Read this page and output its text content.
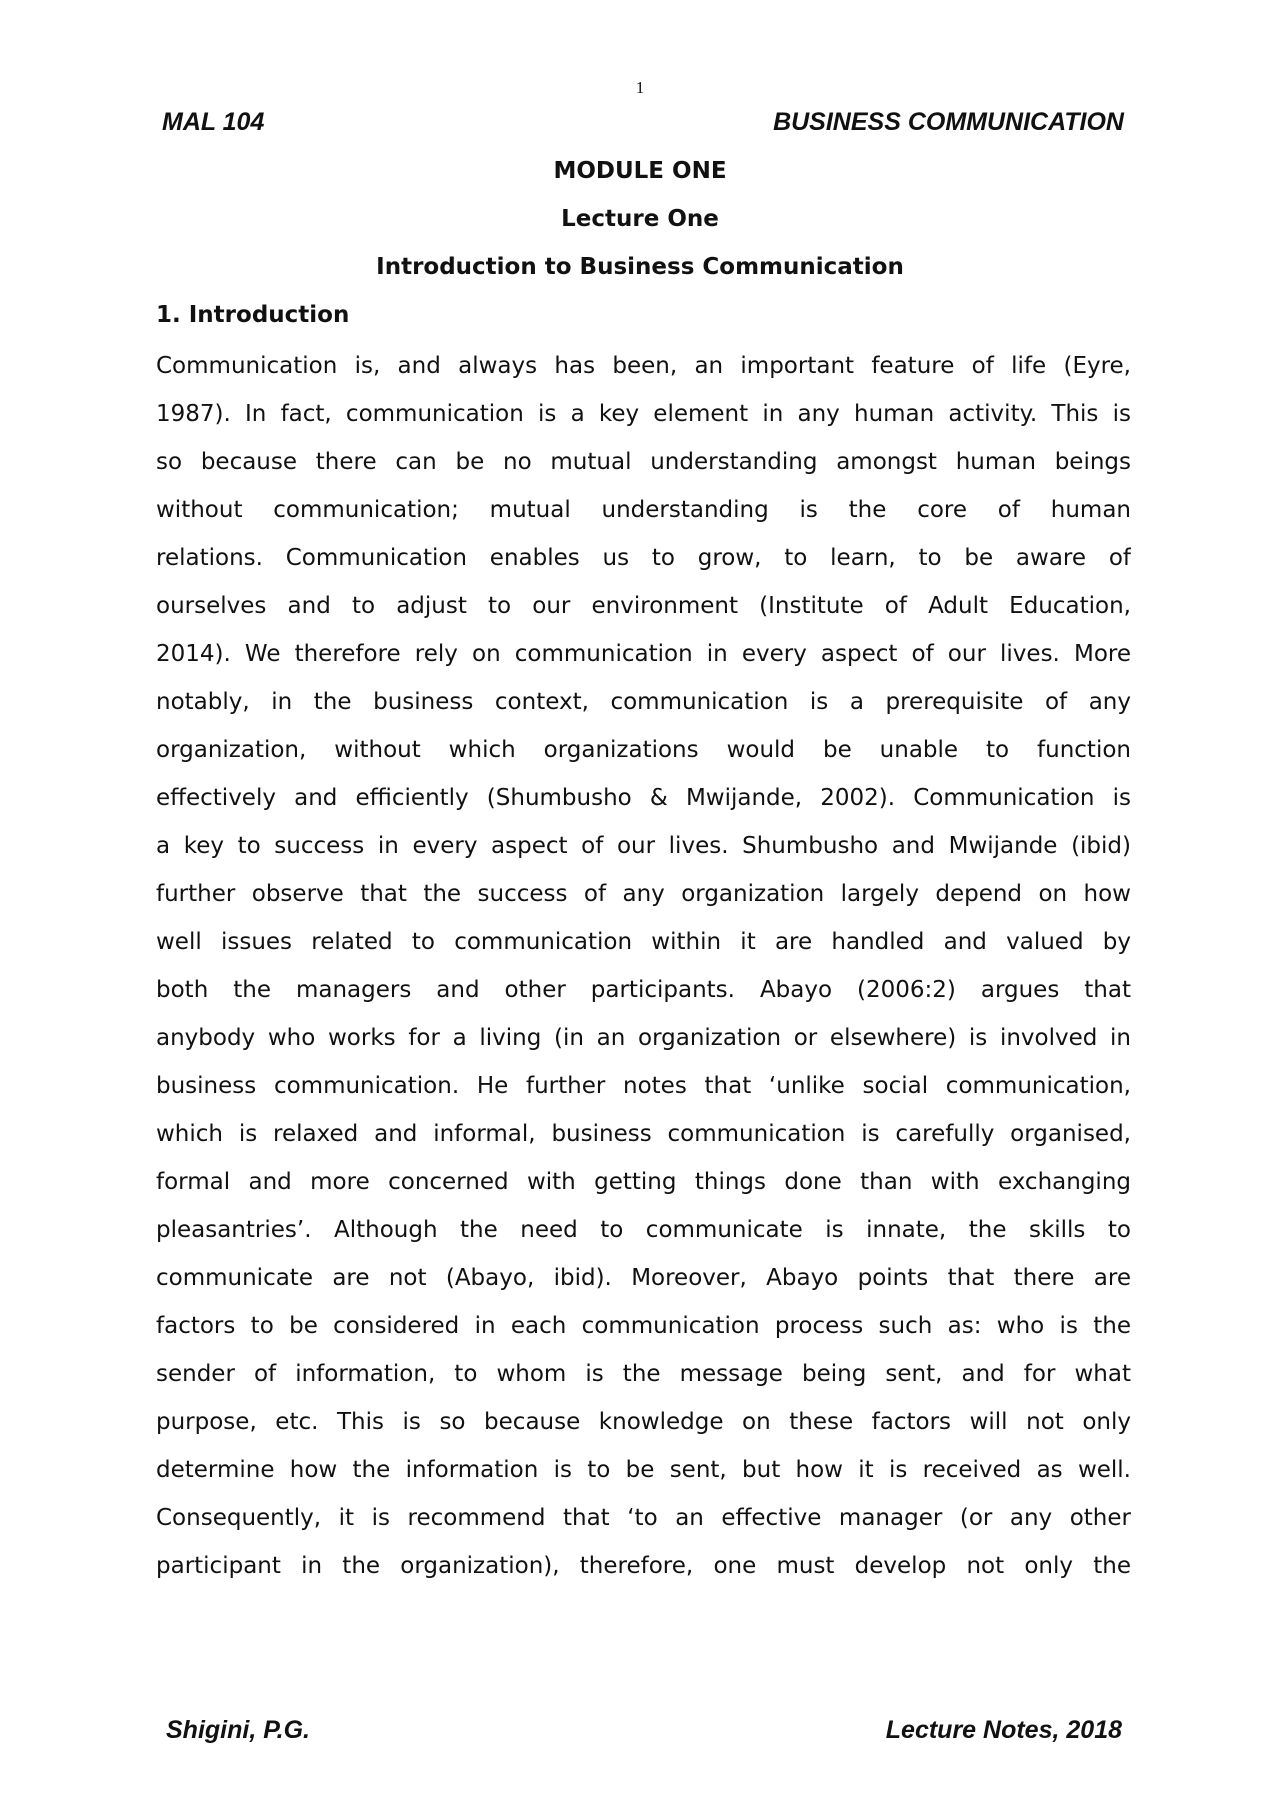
1
MAL 104	BUSINESS COMMUNICATION
MODULE ONE
Lecture One
Introduction to Business Communication
1. Introduction
Communication is, and always has been, an important feature of life (Eyre,
1987). In fact, communication is a key element in any human activity. This is
so because there can be no mutual understanding amongst human beings
without communication; mutual understanding is the core of human
relations. Communication enables us to grow, to learn, to be aware of
ourselves and to adjust to our environment (Institute of Adult Education,
2014). We therefore rely on communication in every aspect of our lives. More
notably, in the business context, communication is a prerequisite of any
organization, without which organizations would be unable to function
effectively and efficiently (Shumbusho & Mwijande, 2002). Communication is
a key to success in every aspect of our lives. Shumbusho and Mwijande (ibid)
further observe that the success of any organization largely depend on how
well issues related to communication within it are handled and valued by
both the managers and other participants. Abayo (2006:2) argues that
anybody who works for a living (in an organization or elsewhere) is involved in
business communication. He further notes that ‘unlike social communication,
which is relaxed and informal, business communication is carefully organised,
formal and more concerned with getting things done than with exchanging
pleasantries’. Although the need to communicate is innate, the skills to
communicate are not (Abayo, ibid). Moreover, Abayo points that there are
factors to be considered in each communication process such as: who is the
sender of information, to whom is the message being sent, and for what
purpose, etc. This is so because knowledge on these factors will not only
determine how the information is to be sent, but how it is received as well.
Consequently, it is recommend that ‘to an effective manager (or any other
participant in the organization), therefore, one must develop not only the
Shigini, P.G.	Lecture Notes, 2018
